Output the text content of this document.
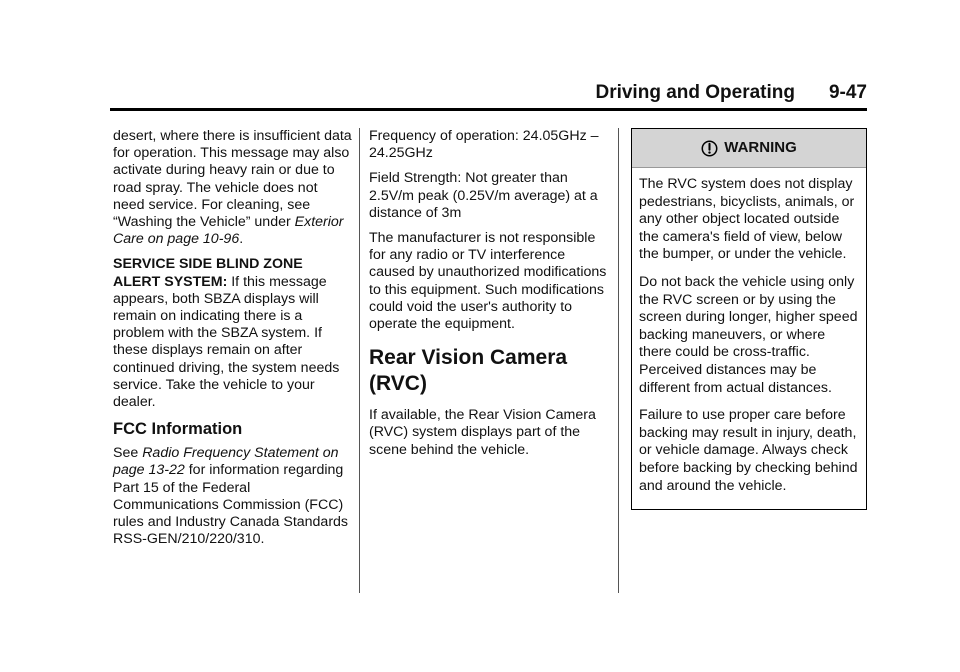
Driving and Operating 9-47

desert, where there is insufficient data for operation. This message may also activate during heavy rain or due to road spray. The vehicle does not need service. For cleaning, see “Washing the Vehicle” under Exterior Care on page 10-96.

SERVICE SIDE BLIND ZONE ALERT SYSTEM: If this message appears, both SBZA displays will remain on indicating there is a problem with the SBZA system. If these displays remain on after continued driving, the system needs service. Take the vehicle to your dealer.

FCC Information

See Radio Frequency Statement on page 13-22 for information regarding Part 15 of the Federal Communications Commission (FCC) rules and Industry Canada Standards RSS-GEN/210/220/310.

Frequency of operation: 24.05GHz – 24.25GHz

Field Strength: Not greater than 2.5V/m peak (0.25V/m average) at a distance of 3m

The manufacturer is not responsible for any radio or TV interference caused by unauthorized modifications to this equipment. Such modifications could void the user's authority to operate the equipment.

Rear Vision Camera (RVC)

If available, the Rear Vision Camera (RVC) system displays part of the scene behind the vehicle.

WARNING

The RVC system does not display pedestrians, bicyclists, animals, or any other object located outside the camera's field of view, below the bumper, or under the vehicle.

Do not back the vehicle using only the RVC screen or by using the screen during longer, higher speed backing maneuvers, or where there could be cross-traffic. Perceived distances may be different from actual distances.

Failure to use proper care before backing may result in injury, death, or vehicle damage. Always check before backing by checking behind and around the vehicle.
